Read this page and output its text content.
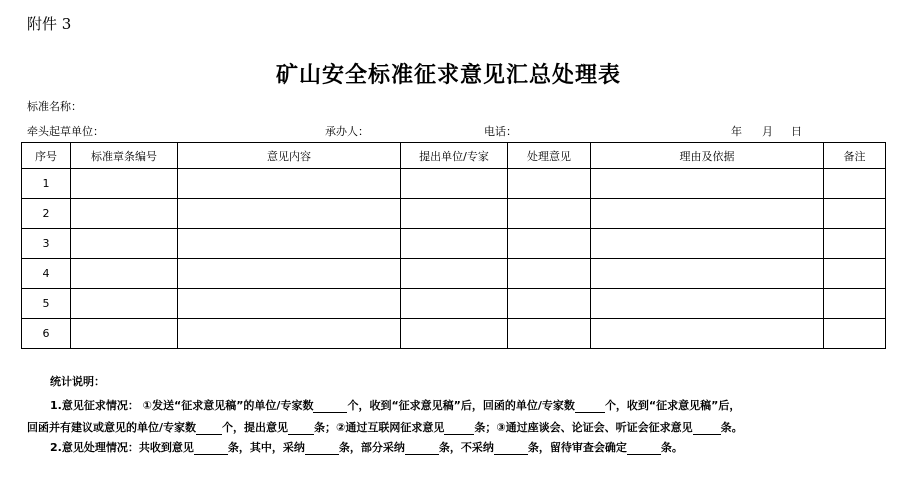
附件 3
矿山安全标准征求意见汇总处理表
标准名称：
牵头起草单位：	承办人：	电话：	年 月 日
序号	标准章条编号	意见内容	提出单位/专家	处理意见	理由及依据	备注
1						
2						
3						
4						
5						
6						
统计说明：
1.意见征求情况： ①发送“征求意见稿”的单位/专家数	个，收到“征求意见稿”后，回函的单位/专家数	个，收到“征求意见稿”后，
回函并有建议或意见的单位/专家数 个，提出意见 条；②通过互联网征求意见	条；③通过座谈会、论证会、听证会征求意见	条。
2.意见处理情况：共收到意见	条，其中，采纳	条，部分采纳	条，不采纳	条，留待审查会确定	条。
